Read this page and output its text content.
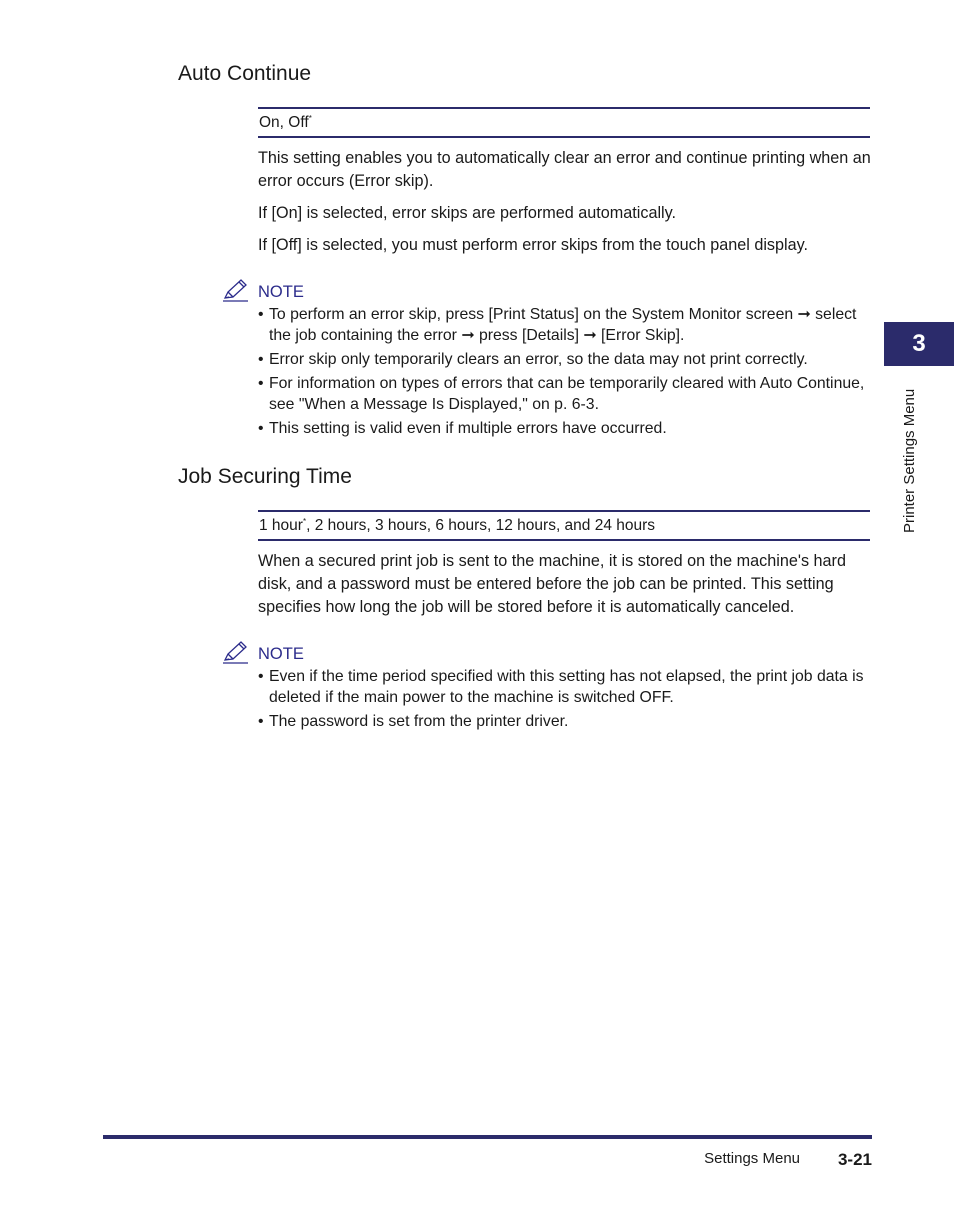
Auto Continue
On, Off*

This setting enables you to automatically clear an error and continue printing when an error occurs (Error skip).

If [On] is selected, error skips are performed automatically.

If [Off] is selected, you must perform error skips from the touch panel display.

NOTE
• To perform an error skip, press [Print Status] on the System Monitor screen ➞ select the job containing the error ➞ press [Details] ➞ [Error Skip].
• Error skip only temporarily clears an error, so the data may not print correctly.
• For information on types of errors that can be temporarily cleared with Auto Continue, see "When a Message Is Displayed," on p. 6-3.
• This setting is valid even if multiple errors have occurred.
Job Securing Time
1 hour*, 2 hours, 3 hours, 6 hours, 12 hours, and 24 hours

When a secured print job is sent to the machine, it is stored on the machine's hard disk, and a password must be entered before the job can be printed. This setting specifies how long the job will be stored before it is automatically canceled.

NOTE
• Even if the time period specified with this setting has not elapsed, the print job data is deleted if the main power to the machine is switched OFF.
• The password is set from the printer driver.
3
Printer Settings Menu
Settings Menu 3-21
